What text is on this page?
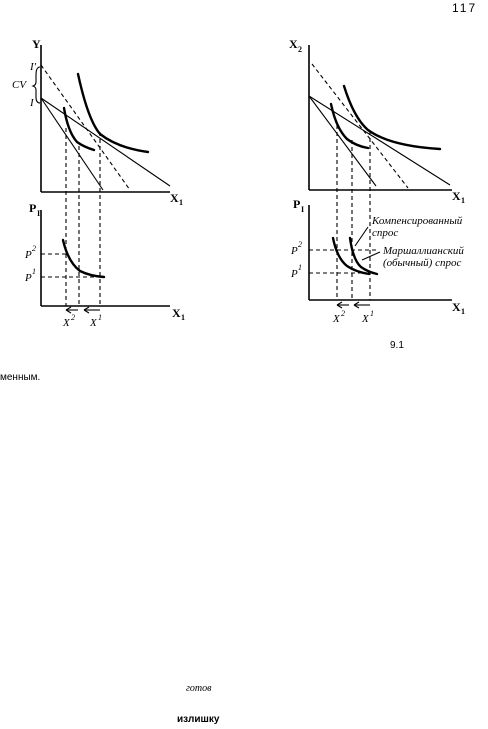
117
Y
X 1
I′
CV
I
P I
X 1
P
2
P
1
X 2 X 1
X 2
X 1
P I
X 1
P
2
P
1
X 2 X 1
Компенсированный
спрос
Маршаллианский
(обычный) спрос
9.1
менным.
готов
излишку
